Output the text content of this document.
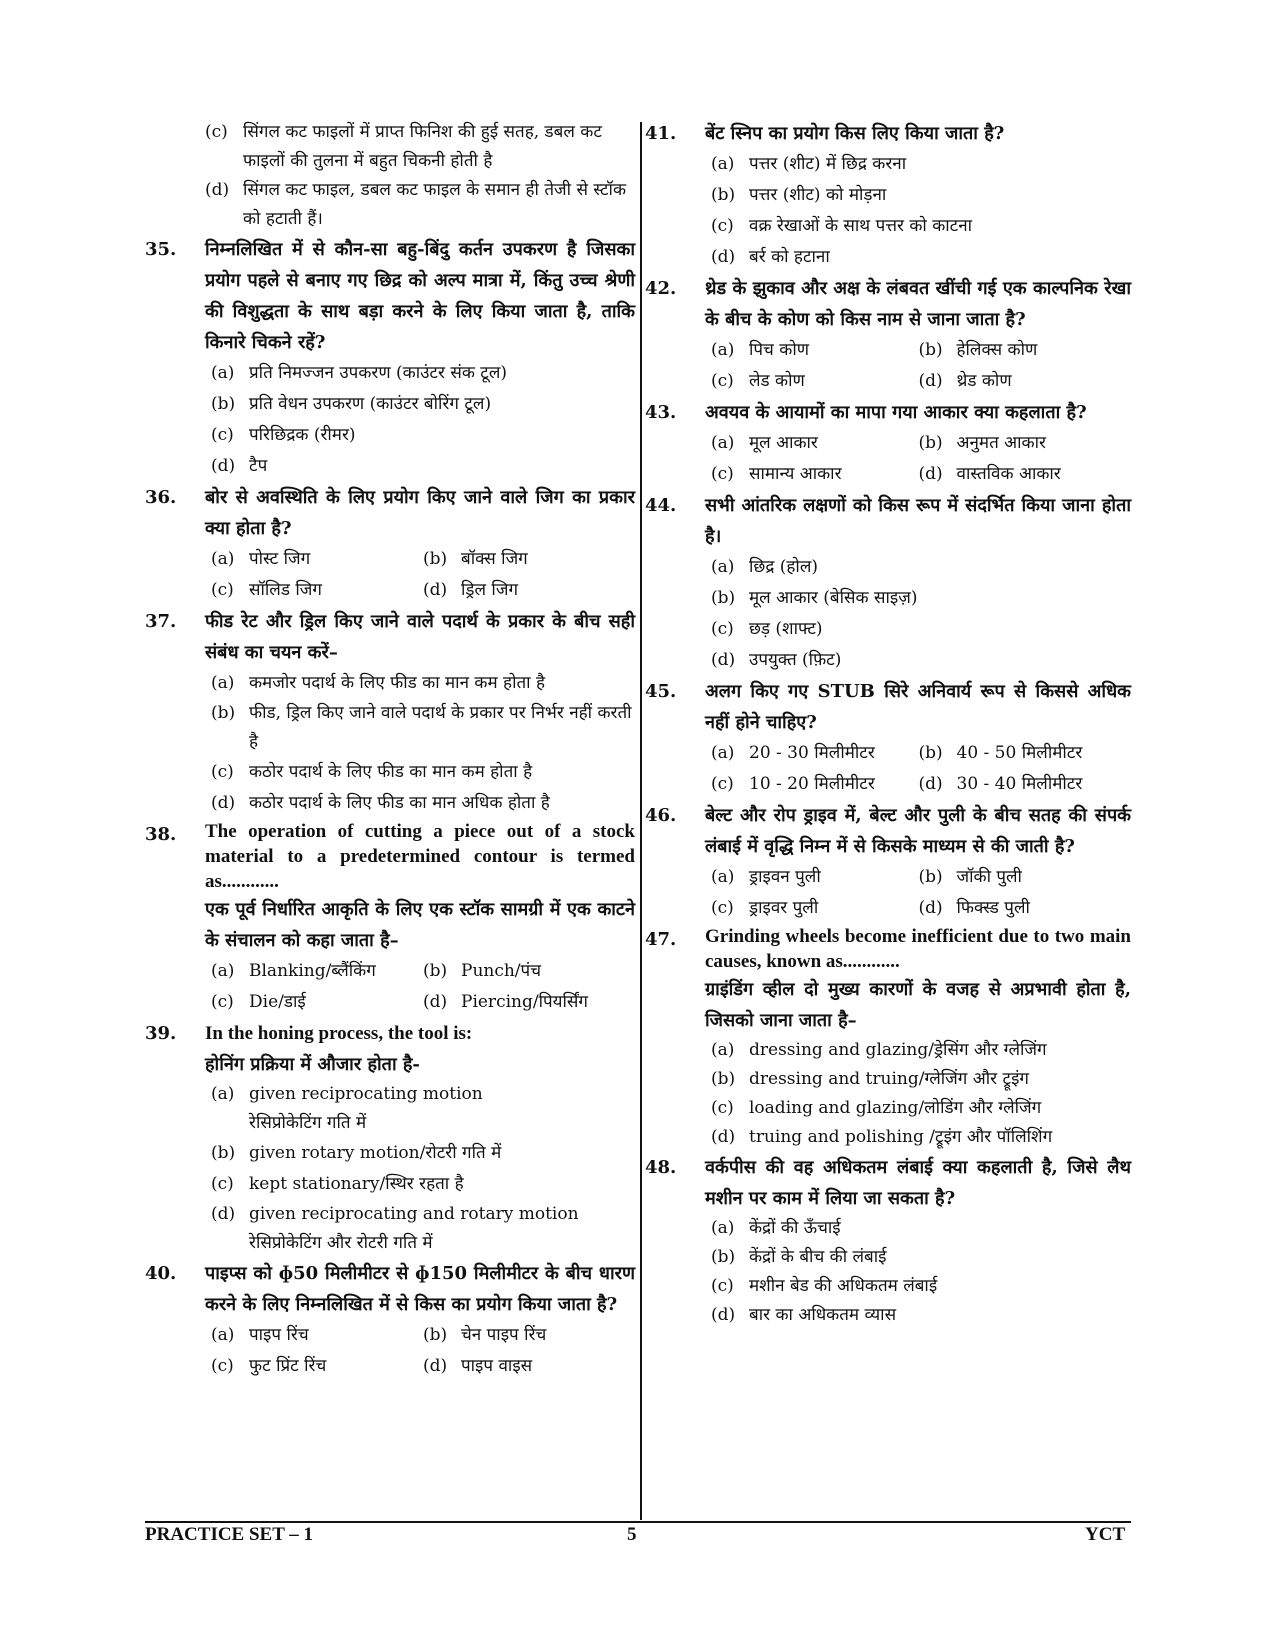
(c) सिंगल कट फाइलों में प्राप्त फिनिश की हुई सतह, डबल कट फाइलों की तुलना में बहुत चिकनी होती है
(d) सिंगल कट फाइल, डबल कट फाइल के समान ही तेजी से स्टॉक को हटाती हैं।
35. निम्नलिखित में से कौन-सा बहु-बिंदु कर्तन उपकरण है जिसका प्रयोग पहले से बनाए गए छिद्र को अल्प मात्रा में, किंतु उच्च श्रेणी की विशुद्धता के साथ बड़ा करने के लिए किया जाता है, ताकि किनारे चिकने रहें?
(a) प्रति निमज्जन उपकरण (काउंटर संक टूल)
(b) प्रति वेधन उपकरण (काउंटर बोरिंग टूल)
(c) परिछिद्रक (रीमर)
(d) टैप
36. बोर से अवस्थिति के लिए प्रयोग किए जाने वाले जिग का प्रकार क्या होता है?
(a) पोस्ट जिग	(b) बॉक्स जिग
(c) सॉलिड जिग	(d) ड्रिल जिग
37. फीड रेट और ड्रिल किए जाने वाले पदार्थ के प्रकार के बीच सही संबंध का चयन करें–
(a) कमजोर पदार्थ के लिए फीड का मान कम होता है
(b) फीड, ड्रिल किए जाने वाले पदार्थ के प्रकार पर निर्भर नहीं करती है
(c) कठोर पदार्थ के लिए फीड का मान कम होता है
(d) कठोर पदार्थ के लिए फीड का मान अधिक होता है
38. The operation of cutting a piece out of a stock material to a predetermined contour is termed as............
एक पूर्व निर्धारित आकृति के लिए एक स्टॉक सामग्री में एक काटने के संचालन को कहा जाता है–
(a) Blanking/ब्लैंकिंग	(b) Punch/पंच
(c) Die/डाई	(d) Piercing/पियर्सिंग
39. In the honing process, the tool is:
होनिंग प्रक्रिया में औजार होता है-
(a) given reciprocating motion
रेसिप्रोकेटिंग गति में
(b) given rotary motion/रोटरी गति में
(c) kept stationary/स्थिर रहता है
(d) given reciprocating and rotary motion
रेसिप्रोकेटिंग और रोटरी गति में
40. पाइप्स को ɸ50 मिलीमीटर से ɸ150 मिलीमीटर के बीच धारण करने के लिए निम्नलिखित में से किस का प्रयोग किया जाता है?
(a) पाइप रिंच	(b) चेन पाइप रिंच
(c) फुट प्रिंट रिंच	(d) पाइप वाइस
41. बेंट स्निप का प्रयोग किस लिए किया जाता है?
(a) पत्तर (शीट) में छिद्र करना
(b) पत्तर (शीट) को मोड़ना
(c) वक्र रेखाओं के साथ पत्तर को काटना
(d) बर्र को हटाना
42. थ्रेड के झुकाव और अक्ष के लंबवत खींची गई एक काल्पनिक रेखा के बीच के कोण को किस नाम से जाना जाता है?
(a) पिच कोण	(b) हेलिक्स कोण
(c) लेड कोण	(d) थ्रेड कोण
43. अवयव के आयामों का मापा गया आकार क्या कहलाता है?
(a) मूल आकार	(b) अनुमत आकार
(c) सामान्य आकार	(d) वास्तविक आकार
44. सभी आंतरिक लक्षणों को किस रूप में संदर्भित किया जाना होता है।
(a) छिद्र (होल)
(b) मूल आकार (बेसिक साइज़)
(c) छड़ (शाफ्ट)
(d) उपयुक्त (फ़िट)
45. अलग किए गए STUB सिरे अनिवार्य रूप से किससे अधिक नहीं होने चाहिए?
(a) 20 - 30 मिलीमीटर	(b) 40 - 50 मिलीमीटर
(c) 10 - 20 मिलीमीटर	(d) 30 - 40 मिलीमीटर
46. बेल्ट और रोप ड्राइव में, बेल्ट और पुली के बीच सतह की संपर्क लंबाई में वृद्धि निम्न में से किसके माध्यम से की जाती है?
(a) ड्राइवन पुली	(b) जॉकी पुली
(c) ड्राइवर पुली	(d) फिक्स्ड पुली
47. Grinding wheels become inefficient due to two main causes, known as............
ग्राइंडिंग व्हील दो मुख्य कारणों के वजह से अप्रभावी होता है, जिसको जाना जाता है–
(a) dressing and glazing/ड्रेसिंग और ग्लेजिंग
(b) dressing and truing/ग्लेजिंग और ट्रूइंग
(c) loading and glazing/लोडिंग और ग्लेजिंग
(d) truing and polishing /ट्रूइंग और पॉलिशिंग
48. वर्कपीस की वह अधिकतम लंबाई क्या कहलाती है, जिसे लैथ मशीन पर काम में लिया जा सकता है?
(a) केंद्रों की ऊँचाई
(b) केंद्रों के बीच की लंबाई
(c) मशीन बेड की अधिकतम लंबाई
(d) बार का अधिकतम व्यास
PRACTICE SET – 1	5	YCT
